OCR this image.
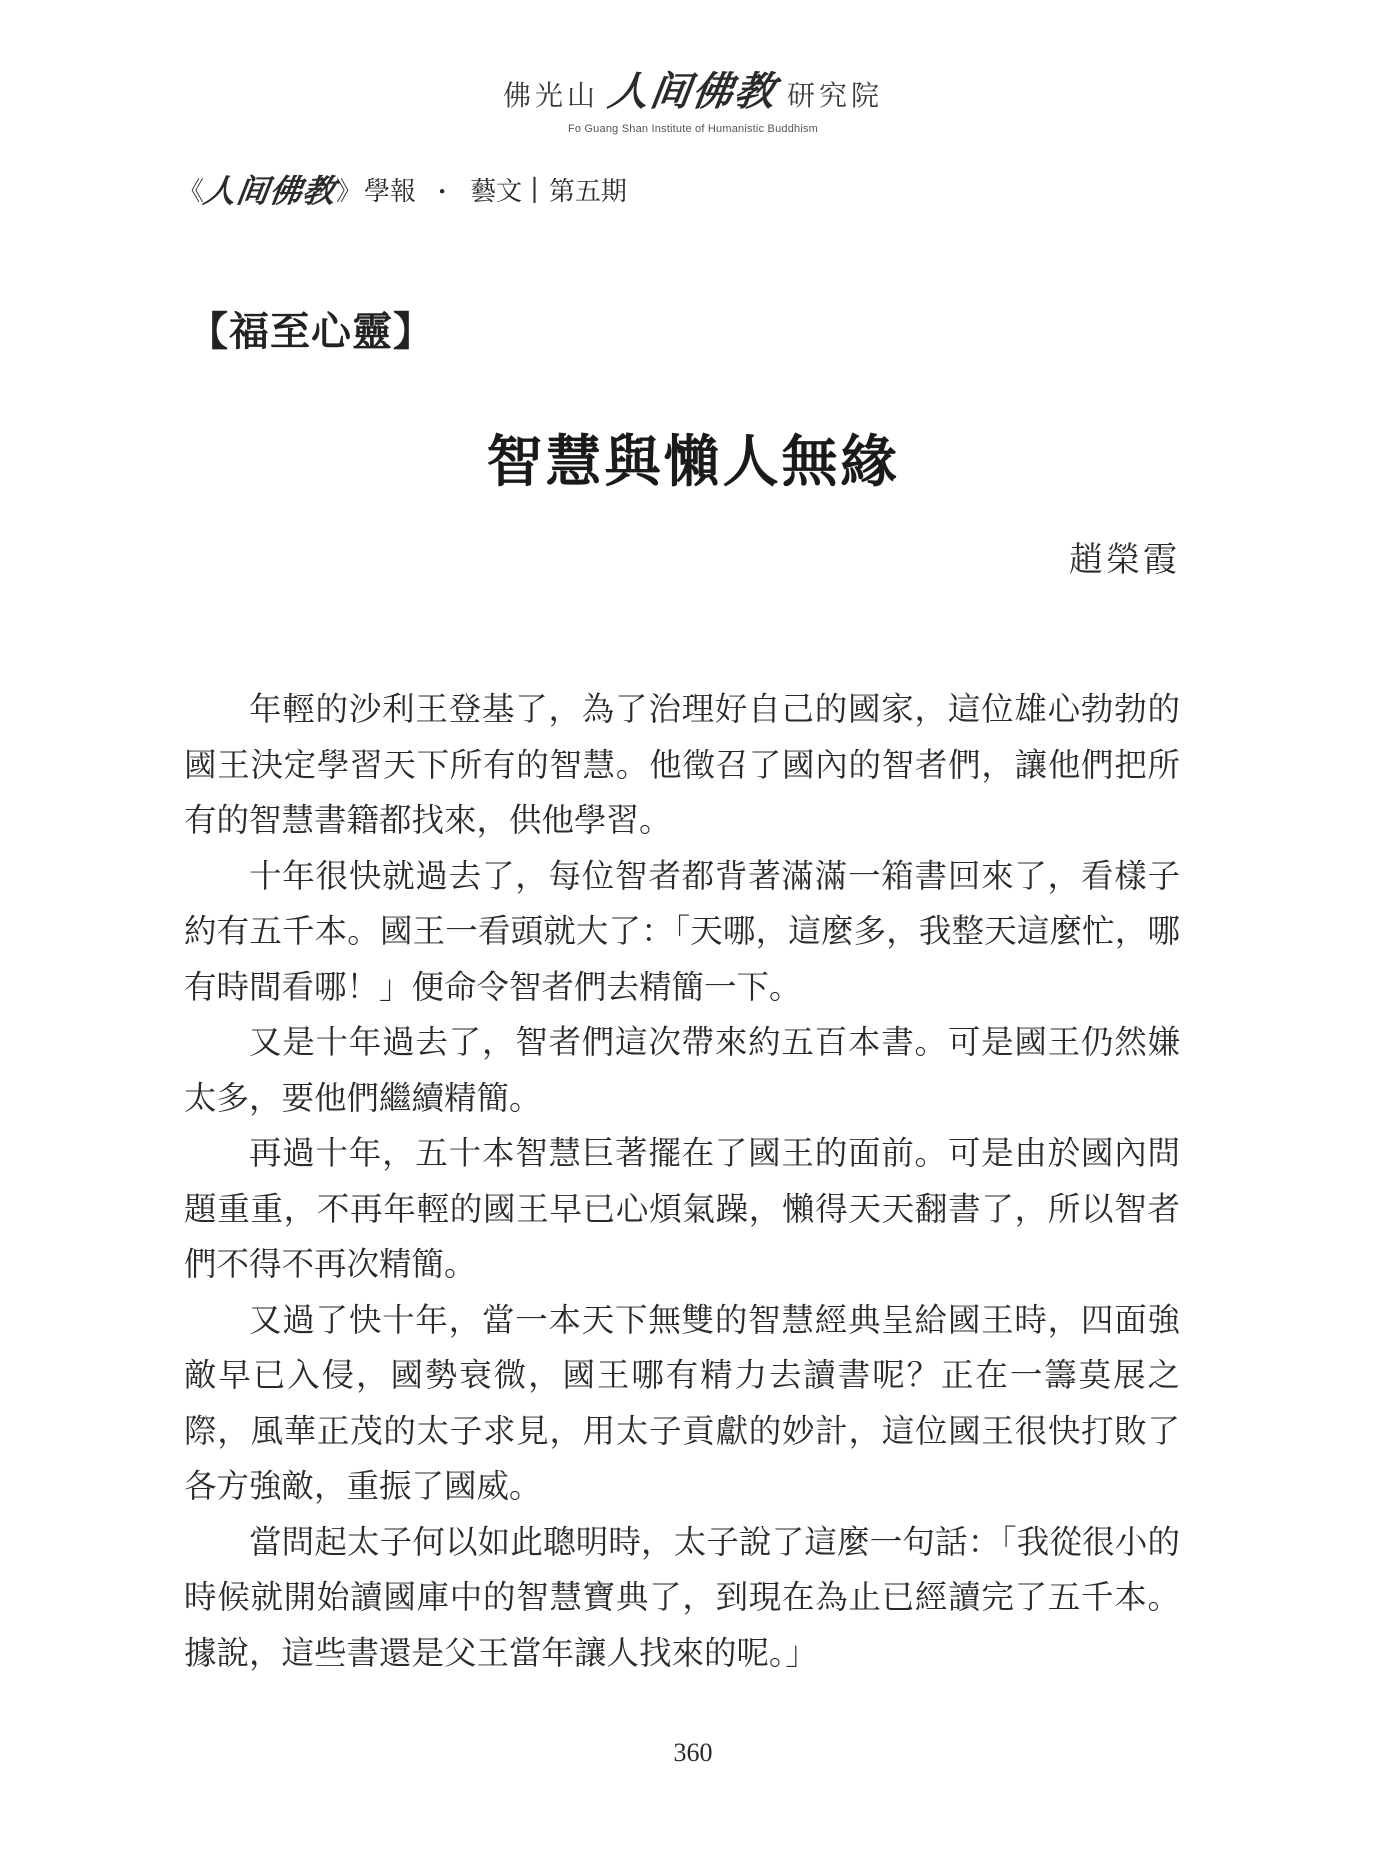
佛光山 人间佛教 研究院
Fo Guang Shan Institute of Humanistic Buddhism
《
人间佛教
》 學報 ・ 藝文 | 第五期
【福至心靈】
智慧與懶人無緣
趙榮霞

年輕的沙利王登基了，為了治理好自己的國家，這位雄心勃勃的國王決定學習天下所有的智慧。他徵召了國內的智者們，讓他們把所有的智慧書籍都找來，供他學習。

十年很快就過去了，每位智者都背著滿滿一箱書回來了，看樣子約有五千本。國王一看頭就大了：「天哪，這麼多，我整天這麼忙，哪有時間看哪！」便命令智者們去精簡一下。

又是十年過去了，智者們這次帶來約五百本書。可是國王仍然嫌太多，要他們繼續精簡。

再過十年，五十本智慧巨著擺在了國王的面前。可是由於國內問題重重，不再年輕的國王早已心煩氣躁，懶得天天翻書了，所以智者們不得不再次精簡。

又過了快十年，當一本天下無雙的智慧經典呈給國王時，四面強敵早已入侵，國勢衰微，國王哪有精力去讀書呢？正在一籌莫展之際，風華正茂的太子求見，用太子貢獻的妙計，這位國王很快打敗了各方強敵，重振了國威。

當問起太子何以如此聰明時，太子說了這麼一句話：「我從很小的時候就開始讀國庫中的智慧寶典了，到現在為止已經讀完了五千本。據說，這些書還是父王當年讓人找來的呢。」

360
